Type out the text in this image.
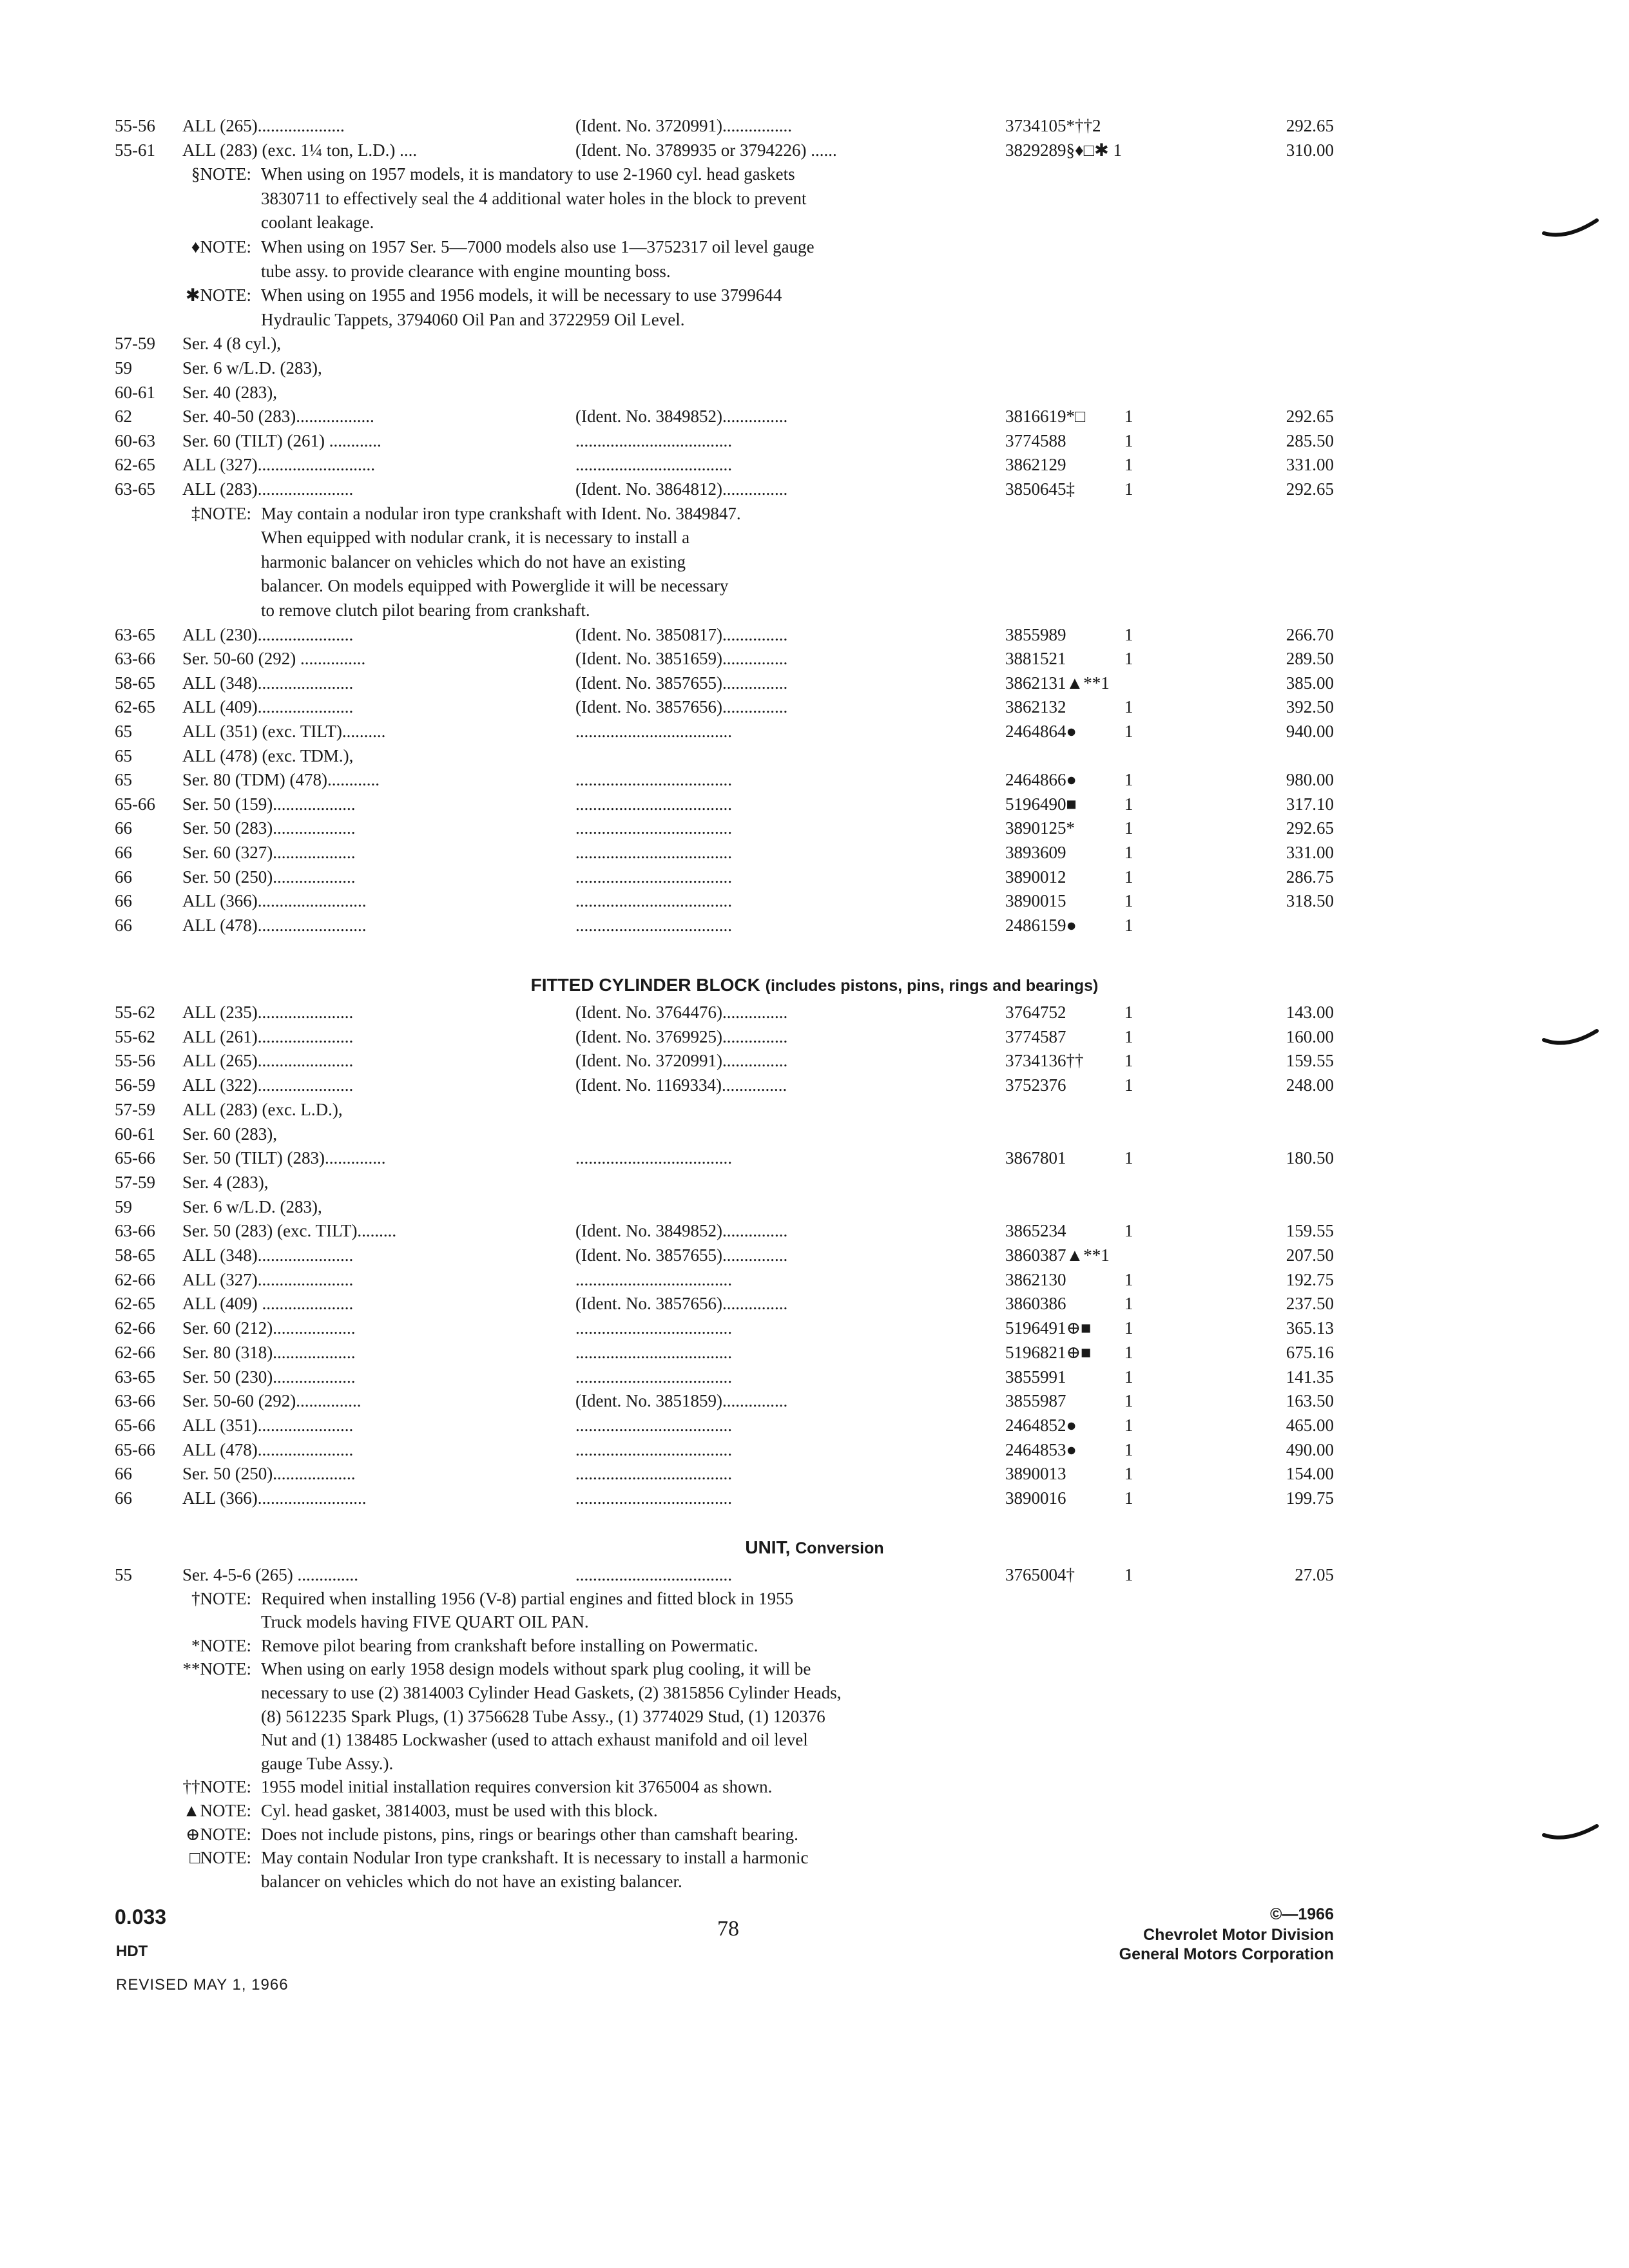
55-56 ALL (265)....................	(Ident. No. 3720991)................	3734105*††2	292.65
55-61 ALL (283) (exc. 1¼ ton, L.D.) ....	(Ident. No. 3789935 or 3794226) ......	3829289§♦□✱ 1	310.00
§NOTE: When using on 1957 models, it is mandatory to use 2-1960 cyl. head gaskets
3830711 to effectively seal the 4 additional water holes in the block to prevent
coolant leakage.
♦NOTE: When using on 1957 Ser. 5—7000 models also use 1—3752317 oil level gauge
tube assy. to provide clearance with engine mounting boss.
✱NOTE: When using on 1955 and 1956 models, it will be necessary to use 3799644
Hydraulic Tappets, 3794060 Oil Pan and 3722959 Oil Level.
57-59 Ser. 4 (8 cyl.),
59	Ser. 6 w/L.D. (283),
60-61 Ser. 40 (283),
62	Ser. 40-50 (283)..................	(Ident. No. 3849852)...............	3816619*□ 1	292.65
60-63 Ser. 60 (TILT) (261) ............	....................................	3774588	1	285.50
62-65 ALL (327)...........................	....................................	3862129	1	331.00
63-65 ALL (283)......................	(Ident. No. 3864812)...............	3850645‡	1	292.65
‡NOTE: May contain a nodular iron type crankshaft with Ident. No. 3849847.
When equipped with nodular crank, it is necessary to install a
harmonic balancer on vehicles which do not have an existing
balancer. On models equipped with Powerglide it will be necessary
to remove clutch pilot bearing from crankshaft.
63-65 ALL (230)......................	(Ident. No. 3850817)...............	3855989	1	266.70
63-66 Ser. 50-60 (292) ...............	(Ident. No. 3851659)...............	3881521	1	289.50
58-65 ALL (348)......................	(Ident. No. 3857655)...............	3862131▲**1	385.00
62-65 ALL (409)......................	(Ident. No. 3857656)...............	3862132	1	392.50
65	ALL (351) (exc. TILT)..........	....................................	2464864●	1	940.00
65	ALL (478) (exc. TDM.),
65	Ser. 80 (TDM) (478)............	....................................	2464866●	1	980.00
65-66 Ser. 50 (159)...................	....................................	5196490■	1	317.10
66	Ser. 50 (283)...................	....................................	3890125*	1	292.65
66	Ser. 60 (327)...................	....................................	3893609	1	331.00
66	Ser. 50 (250)...................	....................................	3890012	1	286.75
66	ALL (366).........................	....................................	3890015	1	318.50
66	ALL (478).........................	....................................	2486159●	1
FITTED CYLINDER BLOCK (includes pistons, pins, rings and bearings)
55-62 ALL (235)......................	(Ident. No. 3764476)...............	3764752	1	143.00
55-62 ALL (261)......................	(Ident. No. 3769925)...............	3774587	1	160.00
55-56 ALL (265)......................	(Ident. No. 3720991)...............	3734136†† 1	159.55
56-59 ALL (322)......................	(Ident. No. 1169334)...............	3752376	1	248.00
57-59 ALL (283) (exc. L.D.),
60-61 Ser. 60 (283),
65-66 Ser. 50 (TILT) (283)..............	....................................	3867801	1	180.50
57-59 Ser. 4 (283),
59	Ser. 6 w/L.D. (283),
63-66 Ser. 50 (283) (exc. TILT).........	(Ident. No. 3849852)...............	3865234	1	159.55
58-65 ALL (348)......................	(Ident. No. 3857655)...............	3860387▲**1	207.50
62-66 ALL (327)......................	....................................	3862130	1	192.75
62-65 ALL (409) .....................	(Ident. No. 3857656)...............	3860386	1	237.50
62-66 Ser. 60 (212)...................	....................................	5196491⊕■ 1	365.13
62-66 Ser. 80 (318)...................	....................................	5196821⊕■ 1	675.16
63-65 Ser. 50 (230)...................	....................................	3855991	1	141.35
63-66 Ser. 50-60 (292)...............	(Ident. No. 3851859)...............	3855987	1	163.50
65-66 ALL (351)......................	....................................	2464852●	1	465.00
65-66 ALL (478)......................	....................................	2464853●	1	490.00
66	Ser. 50 (250)...................	....................................	3890013	1	154.00
66	ALL (366).........................	....................................	3890016	1	199.75
UNIT, Conversion
55	Ser. 4-5-6 (265) ..............	....................................	3765004†	1	27.05
†NOTE: Required when installing 1956 (V-8) partial engines and fitted block in 1955
Truck models having FIVE QUART OIL PAN.
*NOTE: Remove pilot bearing from crankshaft before installing on Powermatic.
**NOTE: When using on early 1958 design models without spark plug cooling, it will be
necessary to use (2) 3814003 Cylinder Head Gaskets, (2) 3815856 Cylinder Heads,
(8) 5612235 Spark Plugs, (1) 3756628 Tube Assy., (1) 3774029 Stud, (1) 120376
Nut and (1) 138485 Lockwasher (used to attach exhaust manifold and oil level
gauge Tube Assy.).
††NOTE: 1955 model initial installation requires conversion kit 3765004 as shown.
▲NOTE: Cyl. head gasket, 3814003, must be used with this block.
⊕NOTE: Does not include pistons, pins, rings or bearings other than camshaft bearing.
□NOTE: May contain Nodular Iron type crankshaft. It is necessary to install a harmonic
balancer on vehicles which do not have an existing balancer.
0.033
HDT
REVISED MAY 1, 1966
78
©—1966
Chevrolet Motor Division
General Motors Corporation
